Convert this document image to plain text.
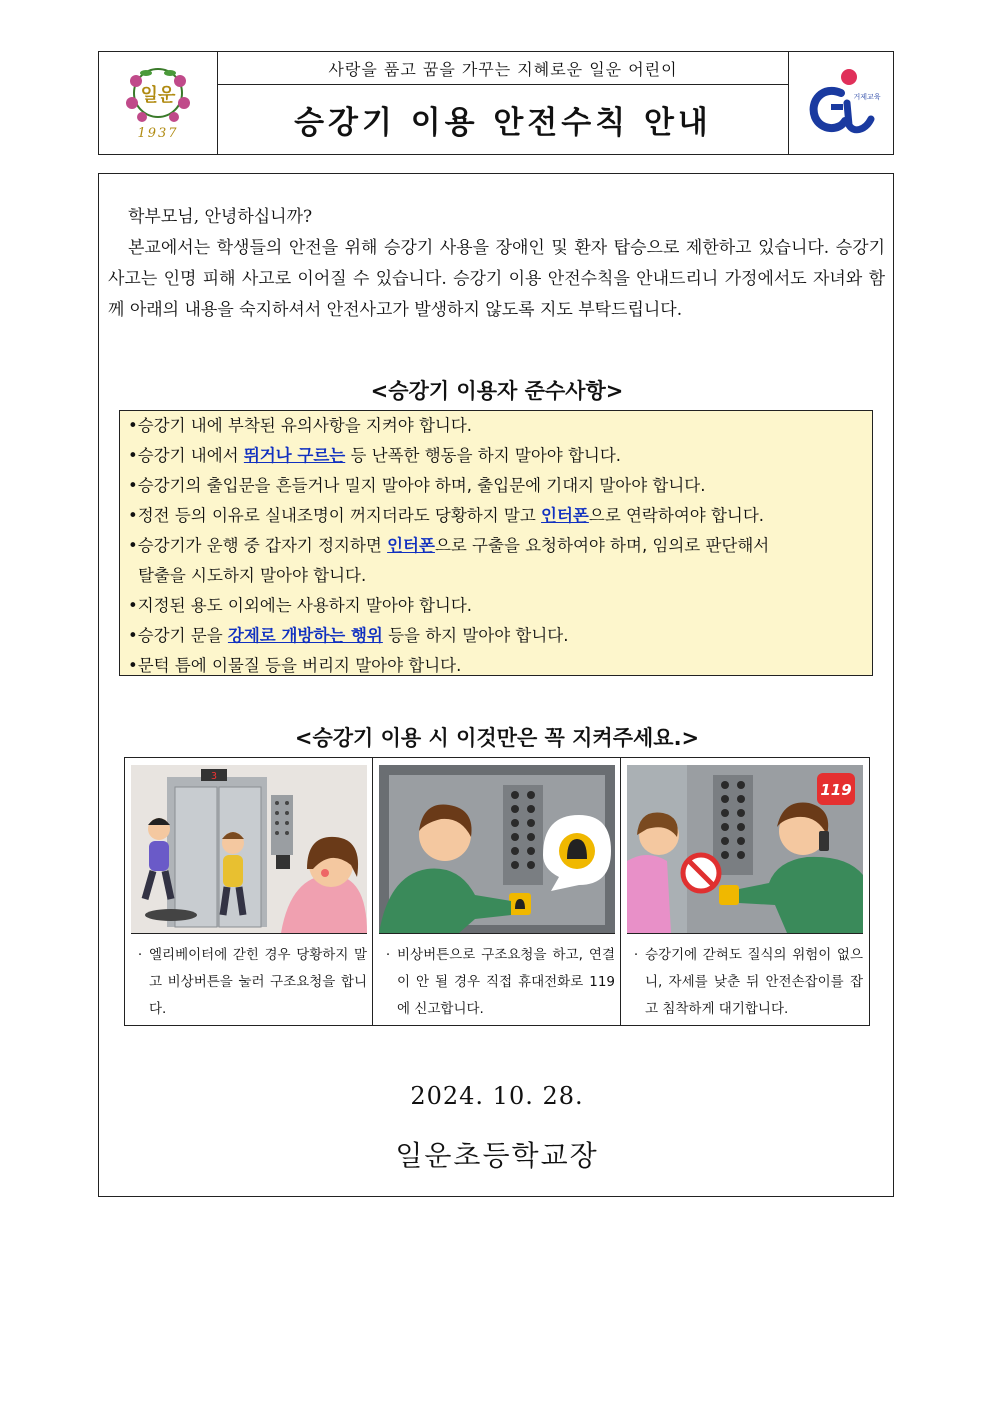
일운
1937
사랑을 품고 꿈을 가꾸는 지혜로운 일운 어린이
승강기 이용 안전수칙 안내
거제교육

학부모님, 안녕하십니까?

본교에서는 학생들의 안전을 위해 승강기 사용을 장애인 및 환자 탑승으로 제한하고 있습니다. 승강기 사고는 인명 피해 사고로 이어질 수 있습니다. 승강기 이용 안전수칙을 안내드리니 가정에서도 자녀와 함께 아래의 내용을 숙지하셔서 안전사고가 발생하지 않도록 지도 부탁드립니다.

<승강기 이용자 준수사항>
•승강기 내에 부착된 유의사항을 지켜야 합니다.
•승강기 내에서 뛰거나 구르는 등 난폭한 행동을 하지 말아야 합니다.
•승강기의 출입문을 흔들거나 밀지 말아야 하며, 출입문에 기대지 말아야 합니다.
•정전 등의 이유로 실내조명이 꺼지더라도 당황하지 말고 인터폰으로 연락하여야 합니다.
•승강기가 운행 중 갑자기 정지하면 인터폰으로 구출을 요청하여야 하며, 임의로 판단해서
탈출을 시도하지 말아야 합니다.
•지정된 용도 이외에는 사용하지 말아야 합니다.
•승강기 문을 강제로 개방하는 행위 등을 하지 말아야 합니다.
•문턱 틈에 이물질 등을 버리지 말아야 합니다.
<승강기 이용 시 이것만은 꼭 지켜주세요.>
3
· 엘리베이터에 갇힌 경우 당황하지 말고 비상버튼을 눌러 구조요청을 합니다.
· 비상버튼으로 구조요청을 하고, 연결이 안 될 경우 직접 휴대전화로 119에 신고합니다.
119
· 승강기에 갇혀도 질식의 위험이 없으니, 자세를 낮춘 뒤 안전손잡이를 잡고 침착하게 대기합니다.
2024. 10. 28.
일운초등학교장
